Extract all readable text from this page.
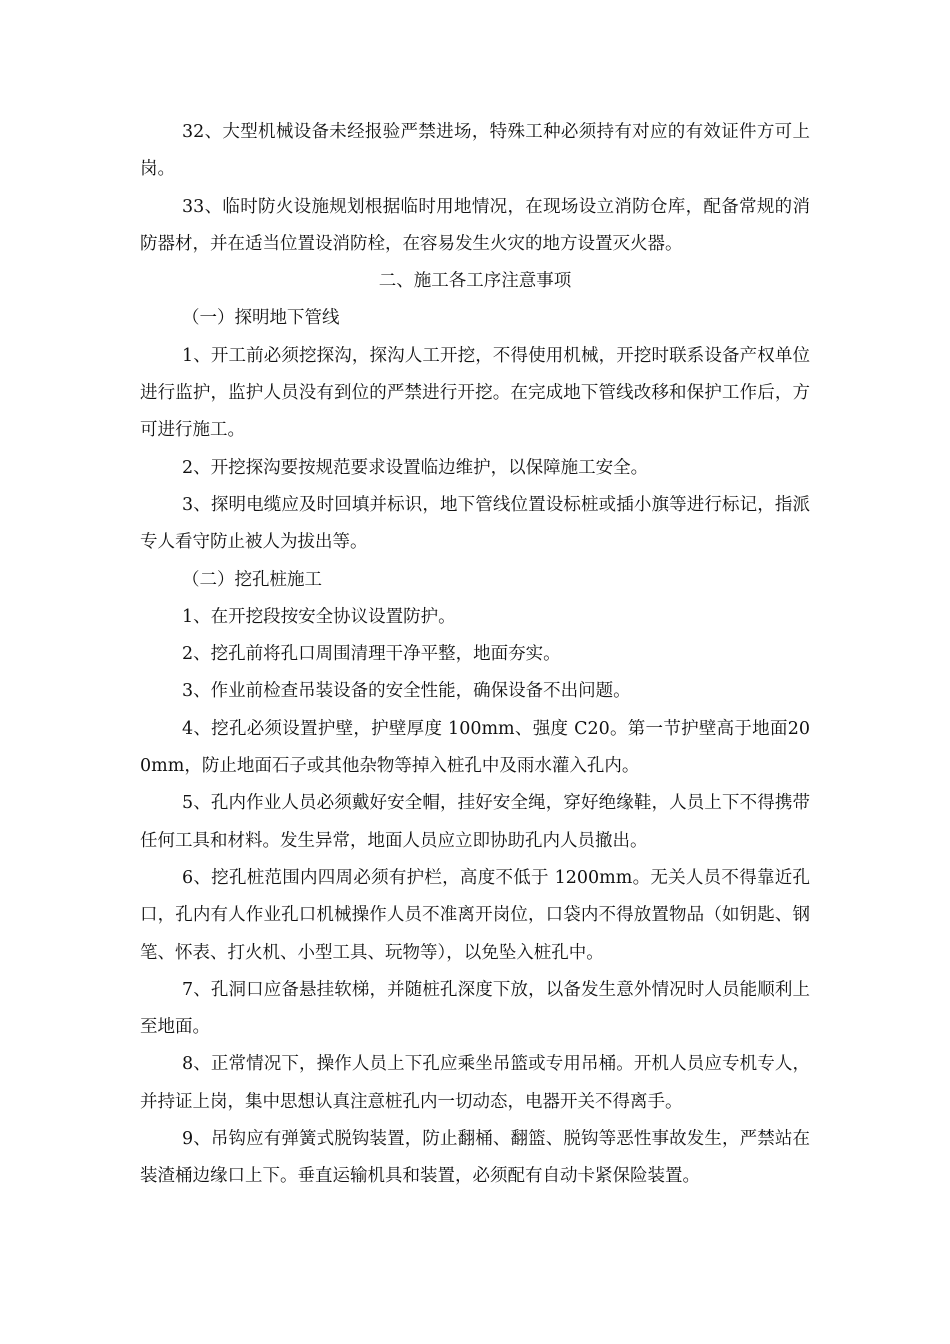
32、大型机械设备未经报验严禁进场，特殊工种必须持有对应的有效证件方可上岗。

33、临时防火设施规划根据临时用地情况，在现场设立消防仓库，配备常规的消防器材，并在适当位置设消防栓，在容易发生火灾的地方设置灭火器。

二、施工各工序注意事项

（一）探明地下管线

1、开工前必须挖探沟，探沟人工开挖，不得使用机械，开挖时联系设备产权单位进行监护，监护人员没有到位的严禁进行开挖。在完成地下管线改移和保护工作后，方可进行施工。

2、开挖探沟要按规范要求设置临边维护，以保障施工安全。

3、探明电缆应及时回填并标识，地下管线位置设标桩或插小旗等进行标记，指派专人看守防止被人为拔出等。

（二）挖孔桩施工

1、在开挖段按安全协议设置防护。

2、挖孔前将孔口周围清理干净平整，地面夯实。

3、作业前检查吊装设备的安全性能，确保设备不出问题。

4、挖孔必须设置护壁，护壁厚度 100mm、强度 C20。第一节护壁高于地面200mm，防止地面石子或其他杂物等掉入桩孔中及雨水灌入孔内。

5、孔内作业人员必须戴好安全帽，挂好安全绳，穿好绝缘鞋，人员上下不得携带任何工具和材料。发生异常，地面人员应立即协助孔内人员撤出。

6、挖孔桩范围内四周必须有护栏，高度不低于 1200mm。无关人员不得靠近孔口，孔内有人作业孔口机械操作人员不准离开岗位，口袋内不得放置物品（如钥匙、钢笔、怀表、打火机、小型工具、玩物等），以免坠入桩孔中。

7、孔洞口应备悬挂软梯，并随桩孔深度下放，以备发生意外情况时人员能顺利上至地面。

8、正常情况下，操作人员上下孔应乘坐吊篮或专用吊桶。开机人员应专机专人，并持证上岗，集中思想认真注意桩孔内一切动态，电器开关不得离手。

9、吊钩应有弹簧式脱钩装置，防止翻桶、翻篮、脱钩等恶性事故发生，严禁站在装渣桶边缘口上下。垂直运输机具和装置，必须配有自动卡紧保险装置。
